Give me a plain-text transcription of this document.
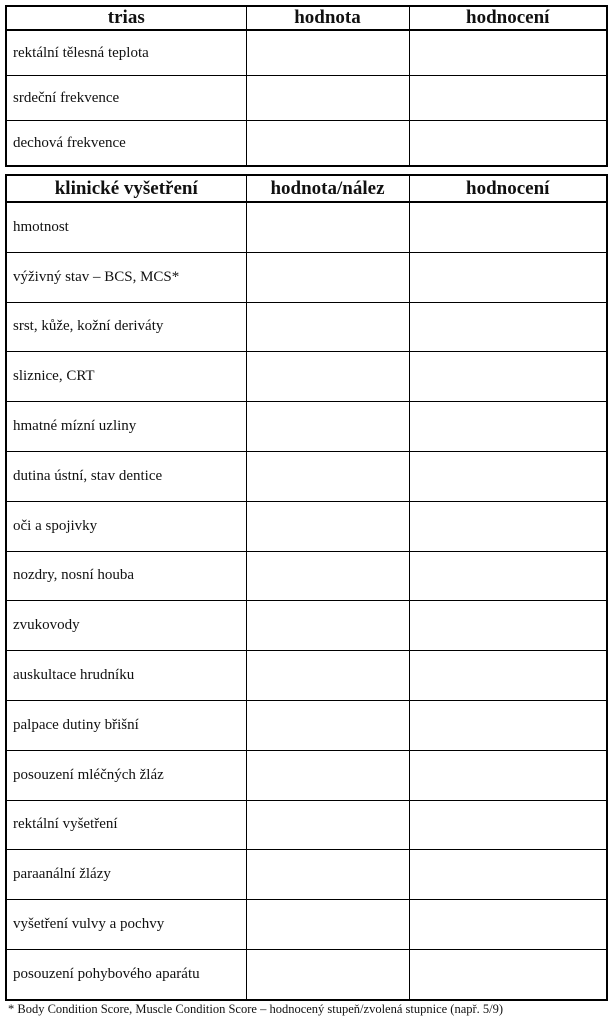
trias	hodnota	hodnocení
rektální tělesná teplota		
srdeční frekvence		
dechová frekvence		
klinické vyšetření	hodnota/nález	hodnocení
hmotnost		
výživný stav – BCS, MCS*		
srst, kůže, kožní deriváty		
sliznice, CRT		
hmatné mízní uzliny		
dutina ústní, stav dentice		
oči a spojivky		
nozdry, nosní houba		
zvukovody		
auskultace hrudníku		
palpace dutiny břišní		
posouzení mléčných žláz		
rektální vyšetření		
paraanální žlázy		
vyšetření vulvy a pochvy		
posouzení pohybového aparátu		
* Body Condition Score, Muscle Condition Score – hodnocený stupeň/zvolená stupnice (např. 5/9)
